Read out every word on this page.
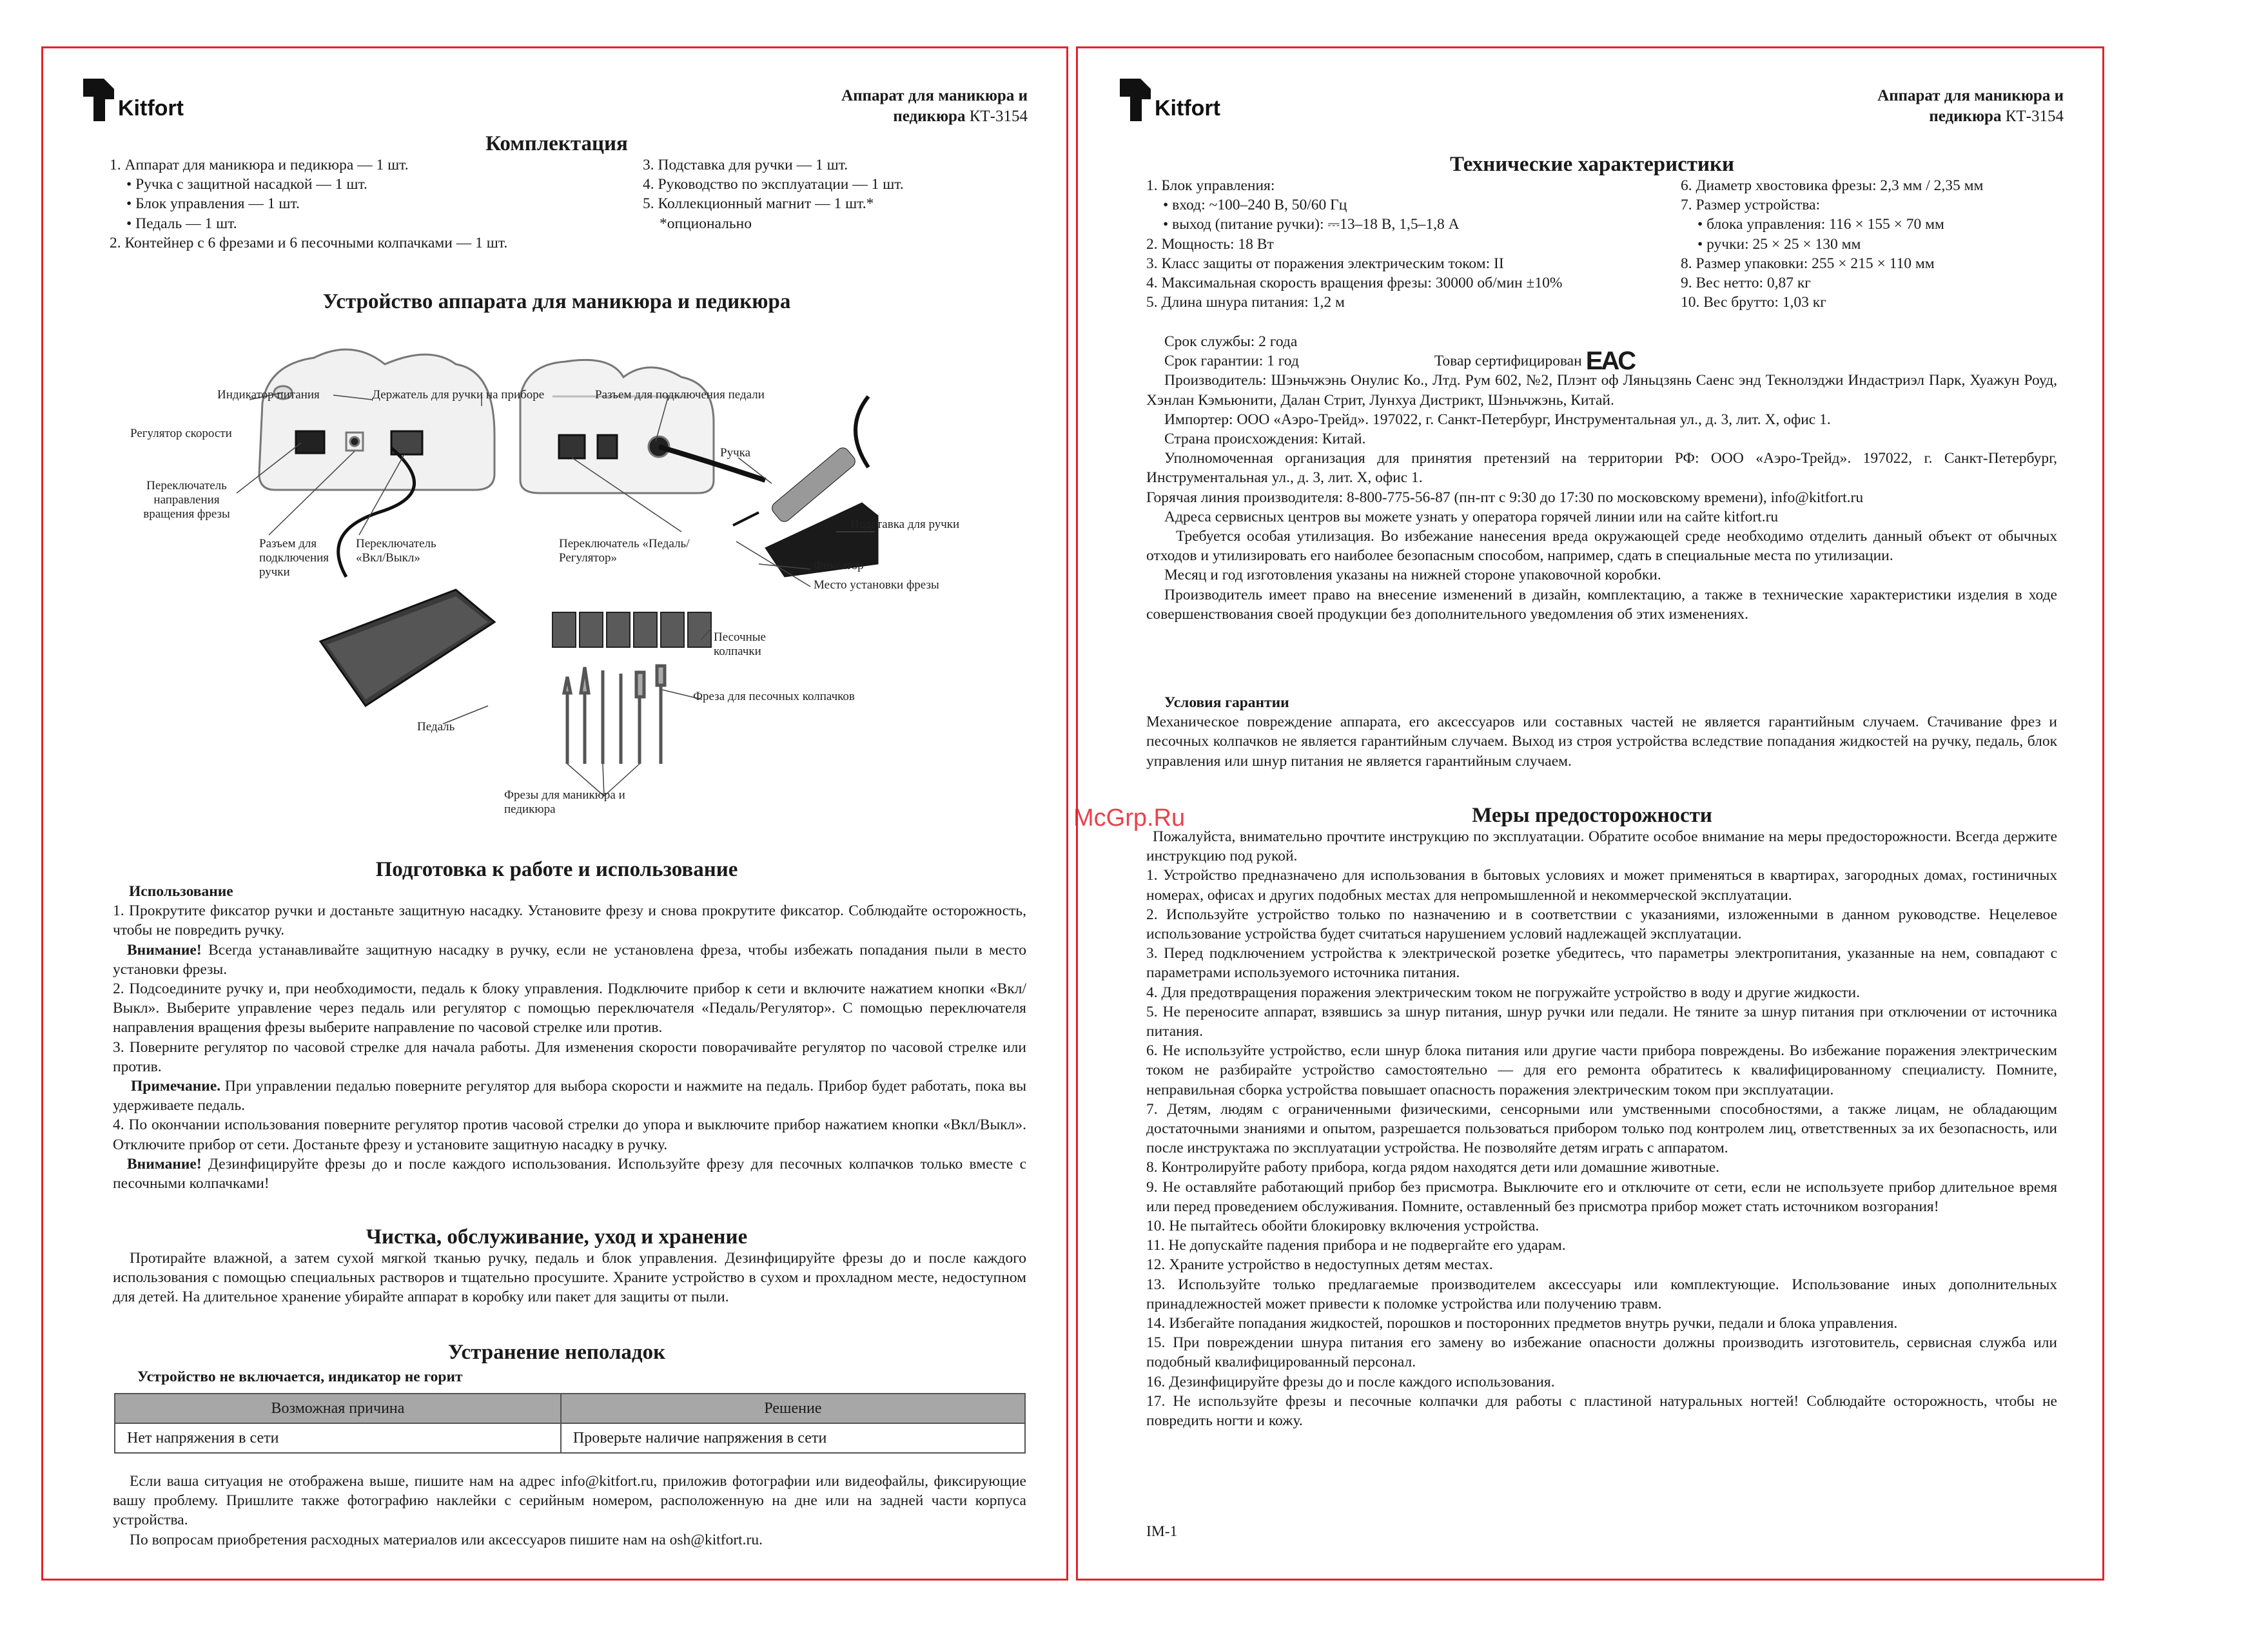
Kitfort
Аппарат для маникюра и
педикюра КТ-3154
Комплектация

1. Аппарат для маникюра и педикюра — 1 шт.

• Ручка с защитной насадкой — 1 шт.

• Блок управления — 1 шт.

• Педаль — 1 шт.

2. Контейнер с 6 фрезами и 6 песочными колпачками — 1 шт.

3. Подставка для ручки — 1 шт.

4. Руководство по эксплуатации — 1 шт.

5. Коллекционный магнит — 1 шт.*

*опционально

Устройство аппарата для маникюра и педикюра
Индикатор питания	Держатель для ручки на приборе	Разъем для подключения педали
Регулятор скорости
Ручка
Переключатель направления вращения фрезы
Разъем для подключения ручки
Переключатель «Вкл/Выкл»
Переключатель «Педаль/ Регулятор»
Подставка для ручки
Фиксатор
Место установки фрезы
Песочные колпачки
Фреза для песочных колпачков
Педаль
Фрезы для маникюра и педикюра
Подготовка к работе и использование

Использование

1. Прокрутите фиксатор ручки и достаньте защитную насадку. Установите фрезу и снова прокрутите фиксатор. Соблюдайте осторожность, чтобы не повредить ручку.

Внимание! Всегда устанавливайте защитную насадку в ручку, если не установлена фреза, чтобы избежать попадания пыли в место установки фрезы.

2. Подсоедините ручку и, при необходимости, педаль к блоку управления. Подключите прибор к сети и включите нажатием кнопки «Вкл/Выкл». Выберите управление через педаль или регулятор с помощью переключателя «Педаль/Регулятор». С помощью переключателя направления вращения фрезы выберите направление по часовой стрелке или против.

3. Поверните регулятор по часовой стрелке для начала работы. Для изменения скорости поворачивайте регулятор по часовой стрелке или против.

Примечание. При управлении педалью поверните регулятор для выбора скорости и нажмите на педаль. Прибор будет работать, пока вы удерживаете педаль.

4. По окончании использования поверните регулятор против часовой стрелки до упора и выключите прибор нажатием кнопки «Вкл/Выкл». Отключите прибор от сети. Достаньте фрезу и установите защитную насадку в ручку.

Внимание! Дезинфицируйте фрезы до и после каждого использования. Используйте фрезу для песочных колпачков только вместе с песочными колпачками!

Чистка, обслуживание, уход и хранение
Протирайте влажной, а затем сухой мягкой тканью ручку, педаль и блок управления. Дезинфицируйте фрезы до и после каждого использования с помощью специальных растворов и тщательно просушите. Храните устройство в сухом и прохладном месте, недоступном для детей. На длительное хранение убирайте аппарат в коробку или пакет для защиты от пыли.
Устранение неполадок
Устройство не включается, индикатор не горит
Возможная причина	Решение
Нет напряжения в сети	Проверьте наличие напряжения в сети

Если ваша ситуация не отображена выше, пишите нам на адрес info@kitfort.ru, приложив фотографии или видеофайлы, фиксирующие вашу проблему. Пришлите также фотографию наклейки с серийным номером, расположенную на дне или на задней части корпуса устройства.

По вопросам приобретения расходных материалов или аксессуаров пишите нам на osh@kitfort.ru.

Kitfort
Аппарат для маникюра и
педикюра КТ-3154
Технические характеристики

1. Блок управления:

• вход: ~100–240 В, 50/60 Гц

• выход (питание ручки): ⎓13–18 В, 1,5–1,8 А

2. Мощность: 18 Вт

3. Класс защиты от поражения электрическим током: II

4. Максимальная скорость вращения фрезы: 30000 об/мин ±10%

5. Длина шнура питания: 1,2 м

6. Диаметр хвостовика фрезы: 2,3 мм / 2,35 мм

7. Размер устройства:

• блока управления: 116 × 155 × 70 мм

• ручки: 25 × 25 × 130 мм

8. Размер упаковки: 255 × 215 × 110 мм

9. Вес нетто: 0,87 кг

10. Вес брутто: 1,03 кг

Срок службы: 2 года

Срок гарантии: 1 год	Товар сертифицирован EAC

Производитель: Шэньчжэнь Онулис Ко., Лтд. Рум 602, №2, Плэнт оф Ляньцзянь Саенс энд Текнолэджи Индастриэл Парк, Хуажун Роуд, Хэнлан Кэмьюнити, Далан Стрит, Лунхуа Дистрикт, Шэньчжэнь, Китай.

Импортер: ООО «Аэро-Трейд». 197022, г. Санкт-Петербург, Инструментальная ул., д. 3, лит. Х, офис 1.

Страна происхождения: Китай.

Уполномоченная организация для принятия претензий на территории РФ: ООО «Аэро-Трейд». 197022, г. Санкт-Петербург, Инструментальная ул., д. 3, лит. Х, офис 1.

Горячая линия производителя: 8-800-775-56-87 (пн-пт с 9:30 до 17:30 по московскому времени), info@kitfort.ru

Адреса сервисных центров вы можете узнать у оператора горячей линии или на сайте kitfort.ru

Требуется особая утилизация. Во избежание нанесения вреда окружающей среде необходимо отделить данный объект от обычных отходов и утилизировать его наиболее безопасным способом, например, сдать в специальные места по утилизации.

Месяц и год изготовления указаны на нижней стороне упаковочной коробки.

Производитель имеет право на внесение изменений в дизайн, комплектацию, а также в технические характеристики изделия в ходе совершенствования своей продукции без дополнительного уведомления об этих изменениях.

Условия гарантии

Механическое повреждение аппарата, его аксессуаров или составных частей не является гарантийным случаем. Стачивание фрез и песочных колпачков не является гарантийным случаем. Выход из строя устройства вследствие попадания жидкостей на ручку, педаль, блок управления или шнур питания не является гарантийным случаем.

Меры предосторожности

Пожалуйста, внимательно прочтите инструкцию по эксплуатации. Обратите особое внимание на меры предосторожности. Всегда держите инструкцию под рукой.

1. Устройство предназначено для использования в бытовых условиях и может применяться в квартирах, загородных домах, гостиничных номерах, офисах и других подобных местах для непромышленной и некоммерческой эксплуатации.

2. Используйте устройство только по назначению и в соответствии с указаниями, изложенными в данном руководстве. Нецелевое использование устройства будет считаться нарушением условий надлежащей эксплуатации.

3. Перед подключением устройства к электрической розетке убедитесь, что параметры электропитания, указанные на нем, совпадают с параметрами используемого источника питания.

4. Для предотвращения поражения электрическим током не погружайте устройство в воду и другие жидкости.

5. Не переносите аппарат, взявшись за шнур питания, шнур ручки или педали. Не тяните за шнур питания при отключении от источника питания.

6. Не используйте устройство, если шнур блока питания или другие части прибора повреждены. Во избежание поражения электрическим током не разбирайте устройство самостоятельно — для его ремонта обратитесь к квалифицированному специалисту. Помните, неправильная сборка устройства повышает опасность поражения электрическим током при эксплуатации.

7. Детям, людям с ограниченными физическими, сенсорными или умственными способностями, а также лицам, не обладающим достаточными знаниями и опытом, разрешается пользоваться прибором только под контролем лиц, ответственных за их безопасность, или после инструктажа по эксплуатации устройства. Не позволяйте детям играть с аппаратом.

8. Контролируйте работу прибора, когда рядом находятся дети или домашние животные.

9. Не оставляйте работающий прибор без присмотра. Выключите его и отключите от сети, если не используете прибор длительное время или перед проведением обслуживания. Помните, оставленный без присмотра прибор может стать источником возгорания!

10. Не пытайтесь обойти блокировку включения устройства.

11. Не допускайте падения прибора и не подвергайте его ударам.

12. Храните устройство в недоступных детям местах.

13. Используйте только предлагаемые производителем аксессуары или комплектующие. Использование иных дополнительных принадлежностей может привести к поломке устройства или получению травм.

14. Избегайте попадания жидкостей, порошков и посторонних предметов внутрь ручки, педали и блока управления.

15. При повреждении шнура питания его замену во избежание опасности должны производить изготовитель, сервисная служба или подобный квалифицированный персонал.

16. Дезинфицируйте фрезы до и после каждого использования.

17. Не используйте фрезы и песочные колпачки для работы с пластиной натуральных ногтей! Соблюдайте осторожность, чтобы не повредить ногти и кожу.

IM-1
McGrp.Ru
